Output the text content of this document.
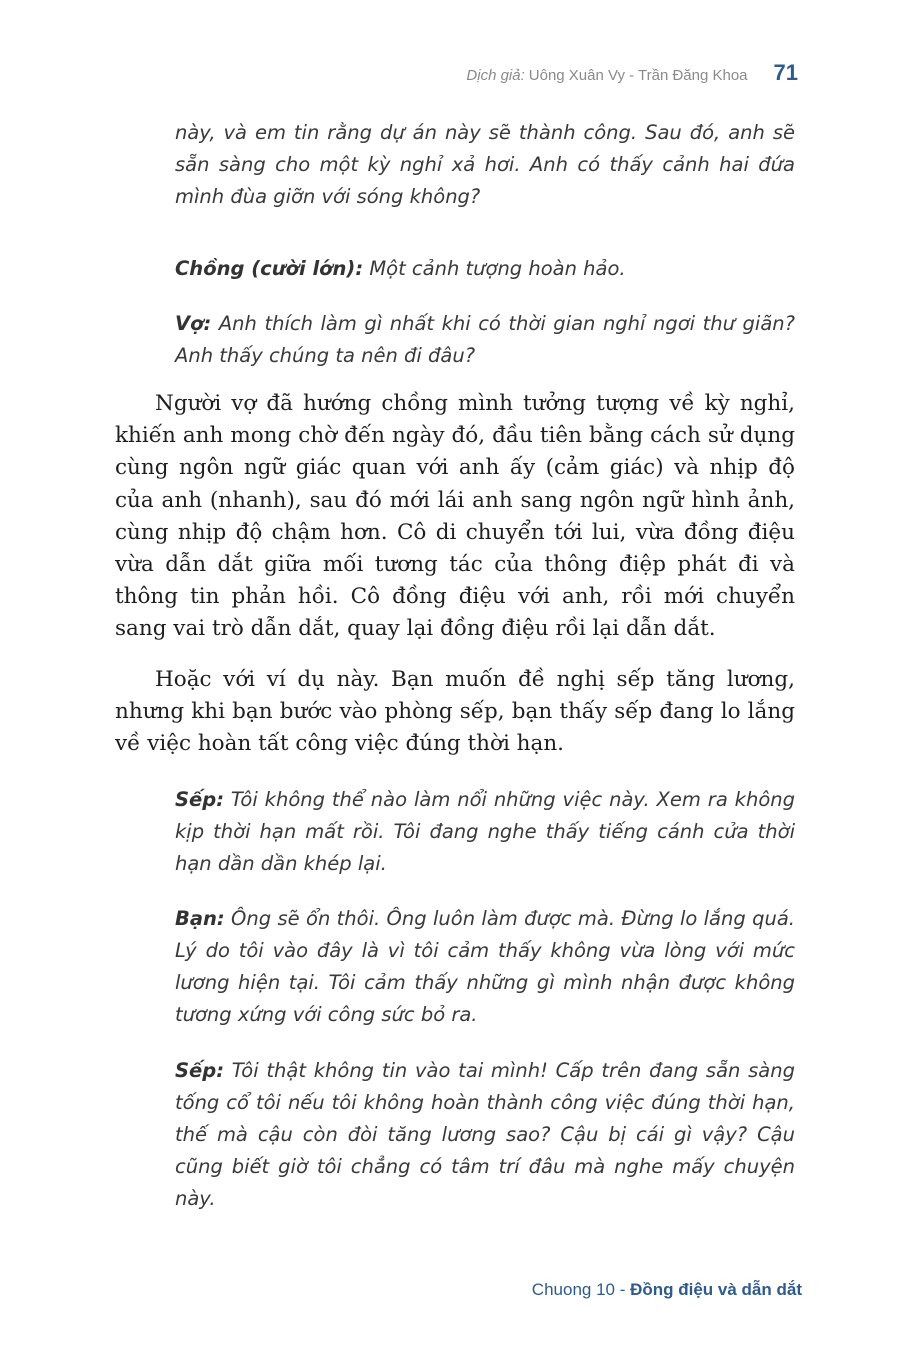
Dịch giả: Uông Xuân Vy - Trần Đăng Khoa 71

này, và em tin rằng dự án này sẽ thành công. Sau đó, anh sẽ sẵn sàng cho một kỳ nghỉ xả hơi. Anh có thấy cảnh hai đứa mình đùa giỡn với sóng không?

Chồng (cười lớn): Một cảnh tượng hoàn hảo.

Vợ: Anh thích làm gì nhất khi có thời gian nghỉ ngơi thư giãn? Anh thấy chúng ta nên đi đâu?

Người vợ đã hướng chồng mình tưởng tượng về kỳ nghỉ, khiến anh mong chờ đến ngày đó, đầu tiên bằng cách sử dụng cùng ngôn ngữ giác quan với anh ấy (cảm giác) và nhịp độ của anh (nhanh), sau đó mới lái anh sang ngôn ngữ hình ảnh, cùng nhịp độ chậm hơn. Cô di chuyển tới lui, vừa đồng điệu vừa dẫn dắt giữa mối tương tác của thông điệp phát đi và thông tin phản hồi. Cô đồng điệu với anh, rồi mới chuyển sang vai trò dẫn dắt, quay lại đồng điệu rồi lại dẫn dắt.

Hoặc với ví dụ này. Bạn muốn đề nghị sếp tăng lương, nhưng khi bạn bước vào phòng sếp, bạn thấy sếp đang lo lắng về việc hoàn tất công việc đúng thời hạn.

Sếp: Tôi không thể nào làm nổi những việc này. Xem ra không kịp thời hạn mất rồi. Tôi đang nghe thấy tiếng cánh cửa thời hạn dần dần khép lại.

Bạn: Ông sẽ ổn thôi. Ông luôn làm được mà. Đừng lo lắng quá. Lý do tôi vào đây là vì tôi cảm thấy không vừa lòng với mức lương hiện tại. Tôi cảm thấy những gì mình nhận được không tương xứng với công sức bỏ ra.

Sếp: Tôi thật không tin vào tai mình! Cấp trên đang sẵn sàng tống cổ tôi nếu tôi không hoàn thành công việc đúng thời hạn, thế mà cậu còn đòi tăng lương sao? Cậu bị cái gì vậy? Cậu cũng biết giờ tôi chẳng có tâm trí đâu mà nghe mấy chuyện này.

Chuong 10 - Đồng điệu và dẫn dắt
